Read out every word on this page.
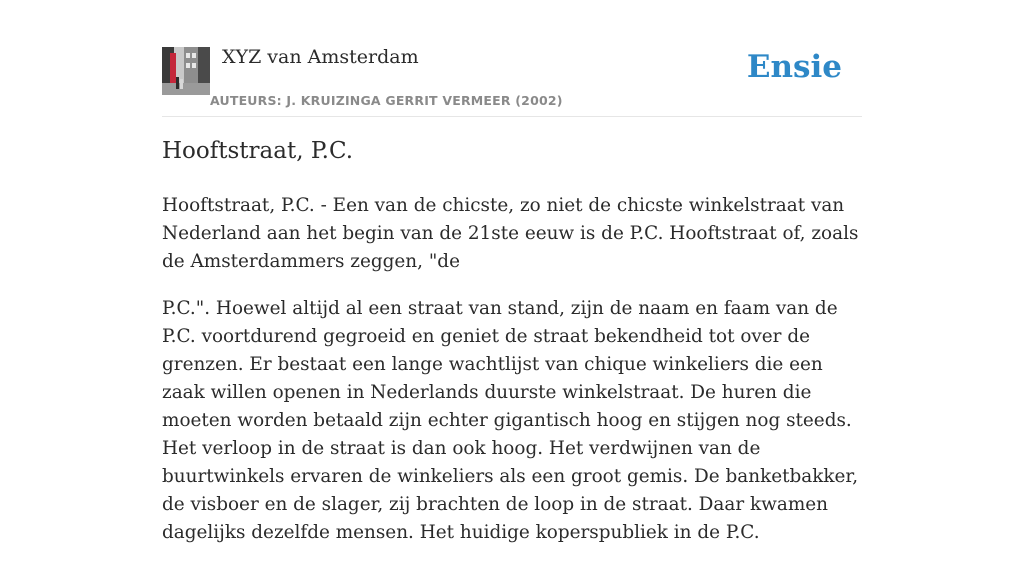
XYZ van Amsterdam
AUTEURS: J. KRUIZINGA GERRIT VERMEER (2002)
Ensie
Hooftstraat, P.C.

Hooftstraat, P.C. - Een van de chicste, zo niet de chicste winkelstraat van Nederland aan het begin van de 21ste eeuw is de P.C. Hooftstraat of, zoals de Amsterdammers zeggen, "de

P.C.". Hoewel altijd al een straat van stand, zijn de naam en faam van de P.C. voortdurend gegroeid en geniet de straat bekendheid tot over de grenzen. Er bestaat een lange wachtlijst van chique winkeliers die een zaak willen openen in Nederlands duurste winkelstraat. De huren die moeten worden betaald zijn echter gigantisch hoog en stijgen nog steeds. Het verloop in de straat is dan ook hoog. Het verdwijnen van de buurtwinkels ervaren de winkeliers als een groot gemis. De banketbakker, de visboer en de slager, zij brachten de loop in de straat. Daar kwamen dagelijks dezelfde mensen. Het huidige koperspubliek in de P.C.
